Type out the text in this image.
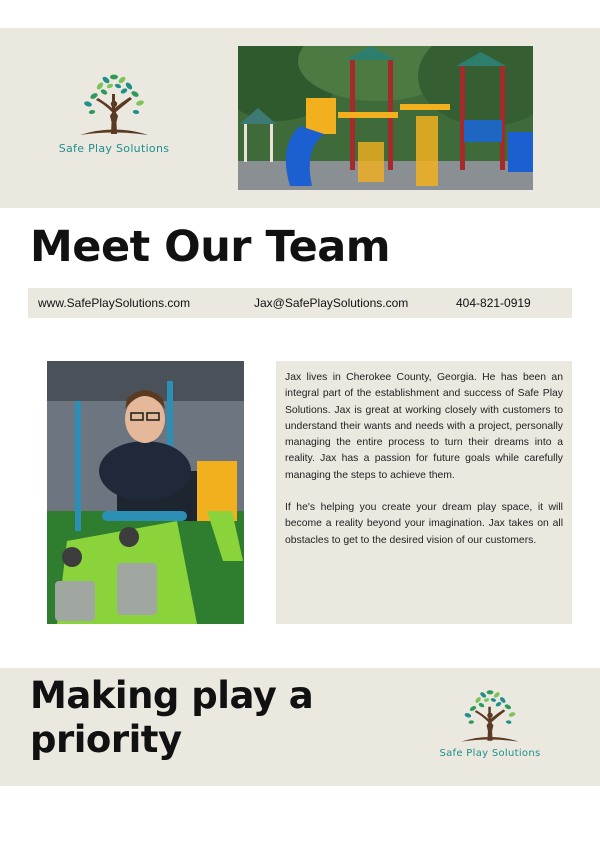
Safe Play Solutions
Meet Our Team
www.SafePlaySolutions.com	Jax@SafePlaySolutions.com	404-821-0919

Jax lives in Cherokee County, Georgia. He has been an integral part of the establishment and success of Safe Play Solutions. Jax is great at working closely with customers to understand their wants and needs with a project, personally managing the entire process to turn their dreams into a reality. Jax has a passion for future goals while carefully managing the steps to achieve them.

If he's helping you create your dream play space, it will become a reality beyond your imagination. Jax takes on all obstacles to get to the desired vision of our customers.

Making play a priority	Safe Play Solutions
